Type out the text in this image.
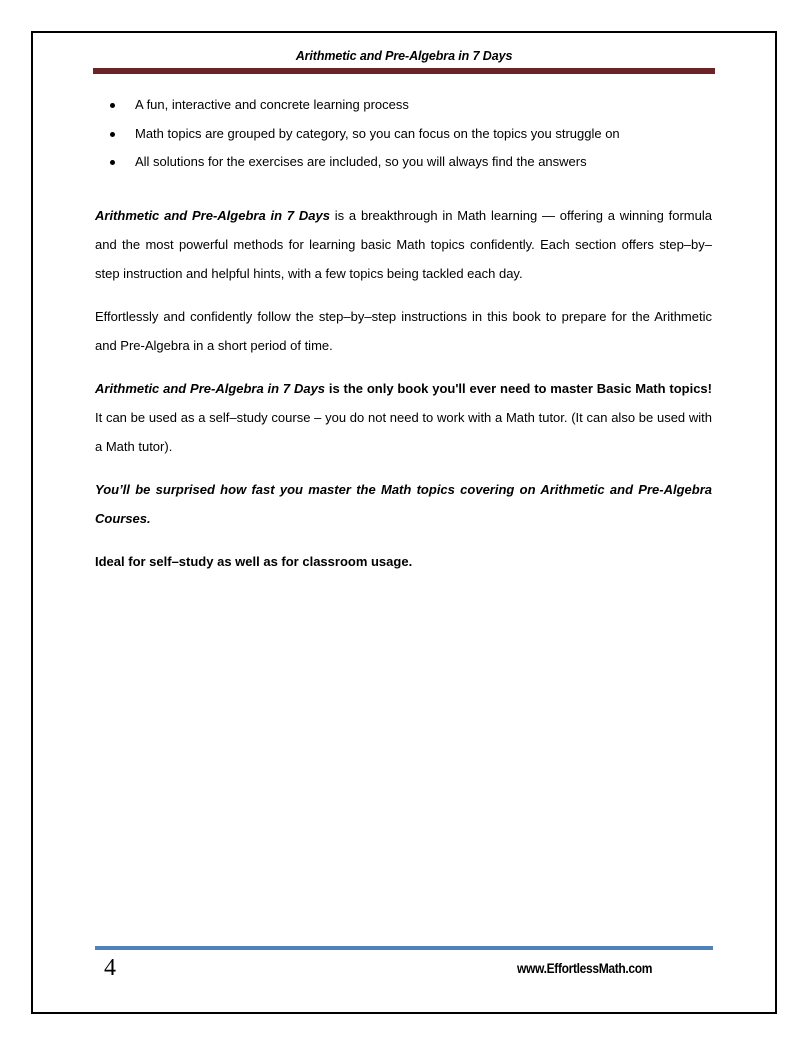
Arithmetic and Pre-Algebra in 7 Days
A fun, interactive and concrete learning process
Math topics are grouped by category, so you can focus on the topics you struggle on
All solutions for the exercises are included, so you will always find the answers

Arithmetic and Pre-Algebra in 7 Days is a breakthrough in Math learning — offering a winning formula and the most powerful methods for learning basic Math topics confidently. Each section offers step–by–step instruction and helpful hints, with a few topics being tackled each day.

Effortlessly and confidently follow the step–by–step instructions in this book to prepare for the Arithmetic and Pre-Algebra in a short period of time.

Arithmetic and Pre-Algebra in 7 Days is the only book you'll ever need to master Basic Math topics! It can be used as a self–study course – you do not need to work with a Math tutor. (It can also be used with a Math tutor).

You’ll be surprised how fast you master the Math topics covering on Arithmetic and Pre-Algebra Courses.

Ideal for self–study as well as for classroom usage.

4	www.EffortlessMath.com
